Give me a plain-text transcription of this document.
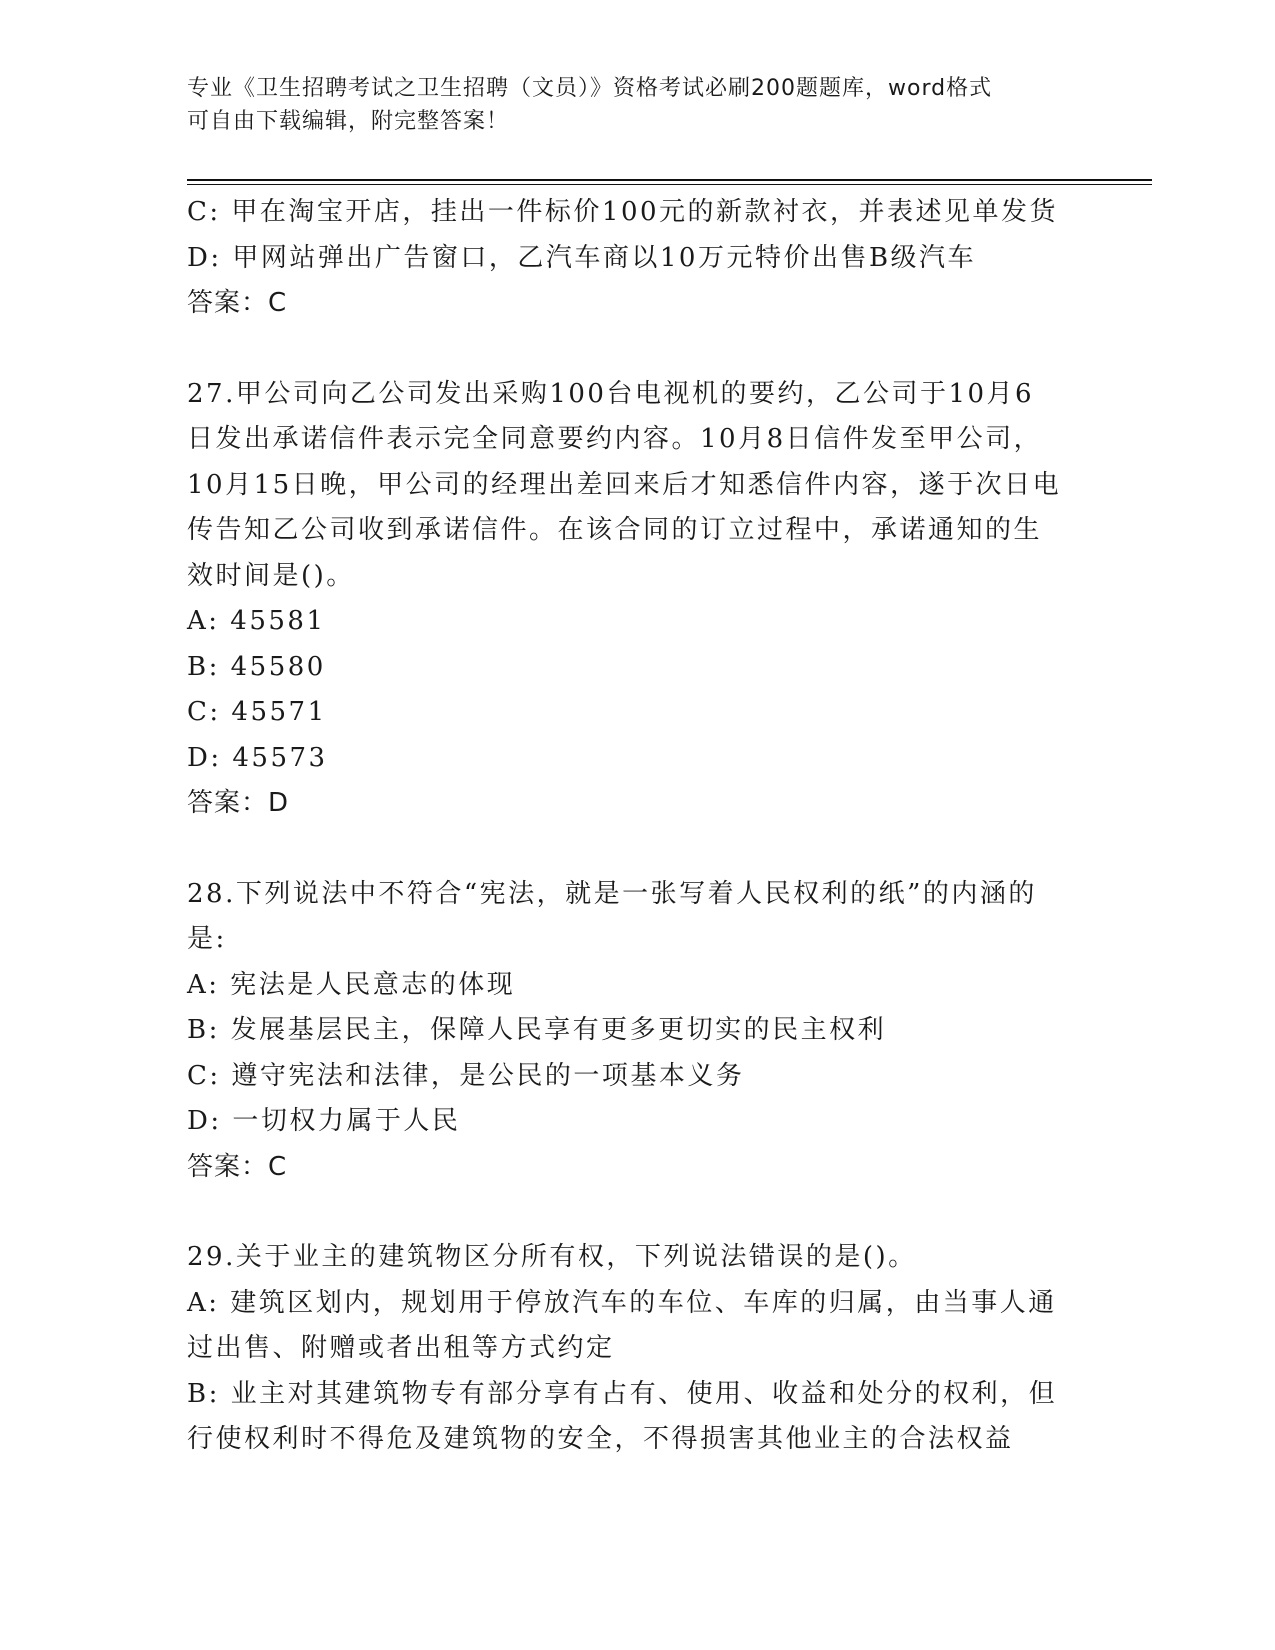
专业《卫生招聘考试之卫生招聘（文员）》资格考试必刷200题题库，word格式
可自由下载编辑，附完整答案！
C: 甲在淘宝开店，挂出一件标价100元的新款衬衣，并表述见单发货
D: 甲网站弹出广告窗口，乙汽车商以10万元特价出售B级汽车
答案：C
27.甲公司向乙公司发出采购100台电视机的要约，乙公司于10月6
日发出承诺信件表示完全同意要约内容。10月8日信件发至甲公司，
10月15日晚，甲公司的经理出差回来后才知悉信件内容，遂于次日电
传告知乙公司收到承诺信件。在该合同的订立过程中，承诺通知的生
效时间是()。
A: 45581
B: 45580
C: 45571
D: 45573
答案：D
28.下列说法中不符合“宪法，就是一张写着人民权利的纸”的内涵的
是:
A: 宪法是人民意志的体现
B: 发展基层民主，保障人民享有更多更切实的民主权利
C: 遵守宪法和法律，是公民的一项基本义务
D: 一切权力属于人民
答案：C
29.关于业主的建筑物区分所有权，下列说法错误的是()。
A: 建筑区划内，规划用于停放汽车的车位、车库的归属，由当事人通
过出售、附赠或者出租等方式约定
B: 业主对其建筑物专有部分享有占有、使用、收益和处分的权利，但
行使权利时不得危及建筑物的安全，不得损害其他业主的合法权益
